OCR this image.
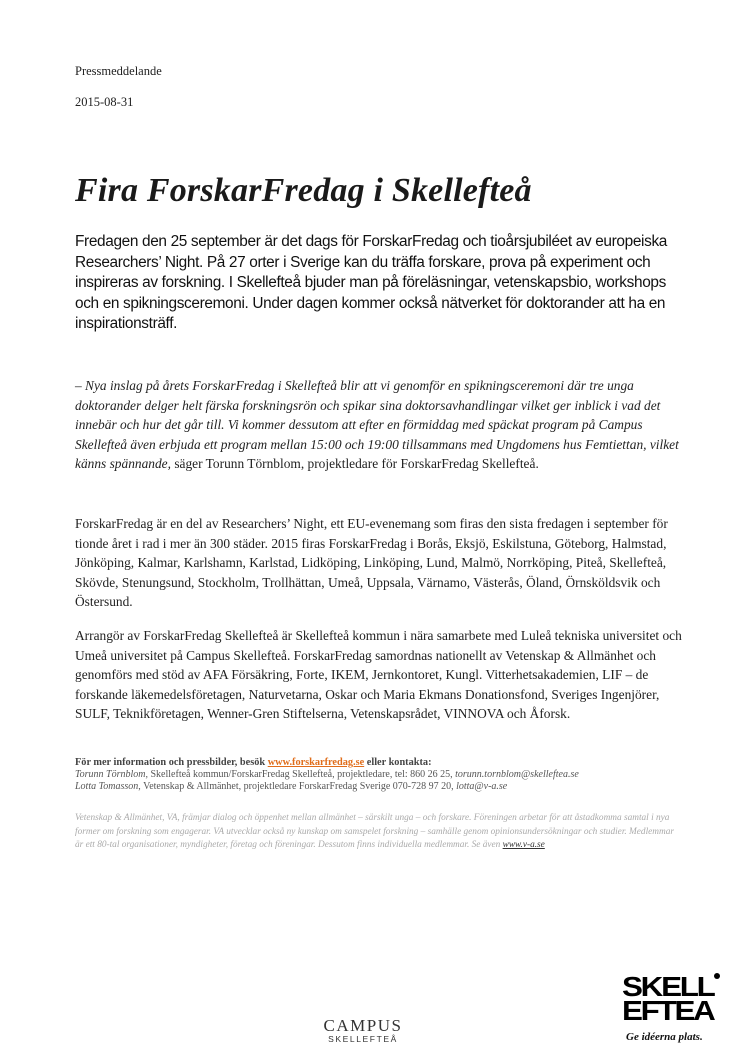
Pressmeddelande
2015-08-31
Fira ForskarFredag i Skellefteå
Fredagen den 25 september är det dags för ForskarFredag och tioårsjubiléet av europeiska Researchers’ Night. På 27 orter i Sverige kan du träffa forskare, prova på experiment och inspireras av forskning. I Skellefteå bjuder man på föreläsningar, vetenskapsbio, workshops och en spikningsceremoni. Under dagen kommer också nätverket för doktorander att ha en inspirationsträff.
– Nya inslag på årets ForskarFredag i Skellefteå blir att vi genomför en spikningsceremoni där tre unga doktorander delger helt färska forskningsrön och spikar sina doktorsavhandlingar vilket ger inblick i vad det innebär och hur det går till. Vi kommer dessutom att efter en förmiddag med späckat program på Campus Skellefteå även erbjuda ett program mellan 15:00 och 19:00 tillsammans med Ungdomens hus Femtiettan, vilket känns spännande, säger Torunn Törnblom, projektledare för ForskarFredag Skellefteå.
ForskarFredag är en del av Researchers’ Night, ett EU-evenemang som firas den sista fredagen i september för tionde året i rad i mer än 300 städer. 2015 firas ForskarFredag i Borås, Eksjö, Eskilstuna, Göteborg, Halmstad, Jönköping, Kalmar, Karlshamn, Karlstad, Lidköping, Linköping, Lund, Malmö, Norrköping, Piteå, Skellefteå, Skövde, Stenungsund, Stockholm, Trollhättan, Umeå, Uppsala, Värnamo, Västerås, Öland, Örnsköldsvik och Östersund.
Arrangör av ForskarFredag Skellefteå är Skellefteå kommun i nära samarbete med Luleå tekniska universitet och Umeå universitet på Campus Skellefteå. ForskarFredag samordnas nationellt av Vetenskap & Allmänhet och genomförs med stöd av AFA Försäkring, Forte, IKEM, Jernkontoret, Kungl. Vitterhetsakademien, LIF – de forskande läkemedelsföretagen, Naturvetarna, Oskar och Maria Ekmans Donationsfond, Sveriges Ingenjörer, SULF, Teknikföretagen, Wenner-Gren Stiftelserna, Vetenskapsrådet, VINNOVA och Åforsk.
För mer information och pressbilder, besök www.forskarfredag.se eller kontakta:
Torunn Törnblom, Skellefteå kommun/ForskarFredag Skellefteå, projektledare, tel: 860 26 25, torunn.tornblom@skelleftea.se
Lotta Tomasson, Vetenskap & Allmänhet, projektledare ForskarFredag Sverige 070-728 97 20, lotta@v-a.se
Vetenskap & Allmänhet, VA, främjar dialog och öppenhet mellan allmänhet – särskilt unga – och forskare. Föreningen arbetar för att åstadkomma samtal i nya former om forskning som engagerar. VA utvecklar också ny kunskap om samspelet forskning – samhälle genom opinionsundersökningar och studier. Medlemmar är ett 80-tal organisationer, myndigheter, företag och föreningar. Dessutom finns individuella medlemmar. Se även www.v-a.se
CAMPUS
SKELLEFTEÅ
SKELL
EFTEA
Ge idéerna plats.
